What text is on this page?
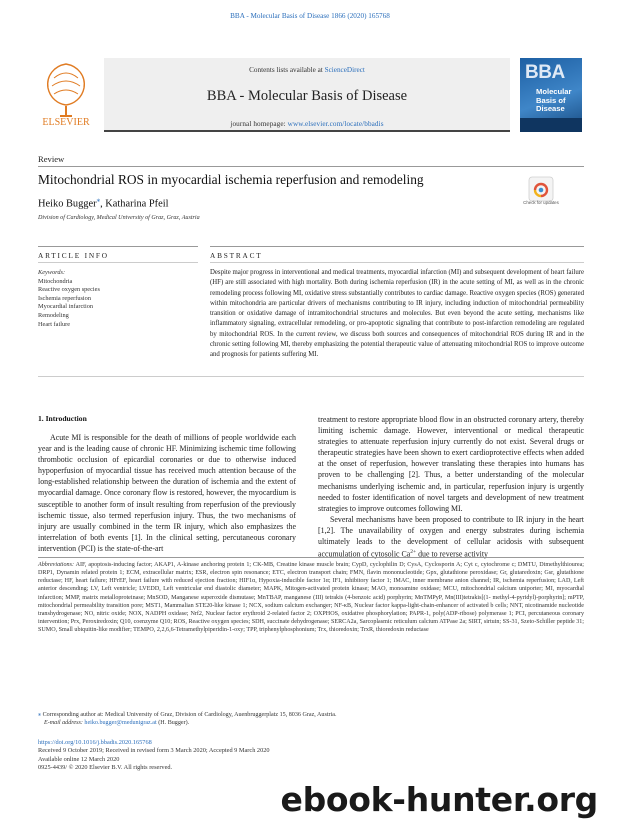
BBA - Molecular Basis of Disease 1866 (2020) 165768
ELSEVIER
Contents lists available at ScienceDirect
BBA - Molecular Basis of Disease
journal homepage: www.elsevier.com/locate/bbadis
BBA
Molecular
Basis of
Disease
Review
Mitochondrial ROS in myocardial ischemia reperfusion and remodeling
Heiko Bugger⁎, Katharina Pfeil
Division of Cardiology, Medical University of Graz, Graz, Austria
Check for updates
ARTICLE INFO	ABSTRACT
Keywords:
Mitochondria
Reactive oxygen species
Ischemia reperfusion
Myocardial infarction
Remodeling
Heart failure
Despite major progress in interventional and medical treatments, myocardial infarction (MI) and subsequent development of heart failure (HF) are still associated with high mortality. Both during ischemia reperfusion (IR) in the acute setting of MI, as well as in the chronic remodeling process following MI, oxidative stress substantially contributes to cardiac damage. Reactive oxygen species (ROS) generated within mitochondria are particular drivers of mechanisms contributing to IR injury, including induction of mitochondrial permeability transition or oxidative damage of intramitochondrial structures and molecules. But even beyond the acute setting, mechanisms like inflammatory signaling, extracellular remodeling, or pro-apoptotic signaling that contribute to post-infarction remodeling are regulated by mitochondrial ROS. In the current review, we discuss both sources and consequences of mitochondrial ROS during IR and in the chronic setting following MI, thereby emphasizing the potential therapeutic value of attenuating mitochondrial ROS to improve outcome and prognosis for patients suffering MI.
1. Introduction

Acute MI is responsible for the death of millions of people worldwide each year and is the leading cause of chronic HF. Minimizing ischemic time following thrombotic occlusion of epicardial coronaries or due to otherwise induced hypoperfusion of myocardial tissue has received much attention because of the long-established relationship between the duration of ischemia and the extent of myocardial damage. Once coronary flow is restored, however, the myocardium is susceptible to another form of insult resulting from reperfusion of the previously ischemic tissue, also termed reperfusion injury. Thus, the two mechanisms of injury are usually combined in the term IR injury, which also emphasizes the interrelation of both events [1]. In the clinical setting, percutaneous coronary intervention (PCI) is the state-of-the-art

treatment to restore appropriate blood flow in an obstructed coronary artery, thereby limiting ischemic damage. However, interventional or medical therapeutic strategies to attenuate reperfusion injury currently do not exist. Several drugs or therapeutic strategies have been shown to exert cardioprotective effects when added at the onset of reperfusion, however translating these therapies into humans has proven to be challenging [2]. Thus, a better understanding of the molecular mechanisms underlying ischemic and, in particular, reperfusion injury is urgently needed to foster identification of novel targets and development of new treatment strategies to improve outcomes following MI.

Several mechanisms have been proposed to contribute to IR injury in the heart [1,2]. The unavailability of oxygen and energy substrates during ischemia ultimately leads to the development of cellular acidosis with subsequent accumulation of cytosolic $Ca^{2+}$ due to reverse activity

Abbreviations: AIF, apoptosis-inducing factor; AKAP1, A-kinase anchoring protein 1; CK-MB, Creatine kinase muscle brain; CypD, cyclophilin D; CysA, Cyclosporin A; Cyt c, cytochrome c; DMTU, Dimethylthiourea; DRP1, Dynamin related protein 1; ECM, extracellular matrix; ESR, electron spin resonance; ETC, electron transport chain; FMN, flavin mononucleotide; Gpx, glutathione peroxidase; Gr, glutaredoxin; Gsr, glutathione reductase; HF, heart failure; HFrEF, heart failure with reduced ejection fraction; HIF1α, Hypoxia-inducible factor 1α; IF1, inhibitory factor 1; IMAC, inner membrane anion channel; IR, ischemia reperfusion; LAD, Left anterior descending; LV, Left ventricle; LVEDD, Left ventricular end diastolic diameter; MAPK, Mitogen-activated protein kinase; MAO, monoamine oxidase; MCU, mitochondrial calcium uniporter; MI, myocardial infarction; MMP, matrix metalloproteinase; MnSOD, Manganese superoxide dismutase; MnTBAP, manganese (III) tetrakis (4-benzoic acid) porphyrin; MnTMPyP, Mn(III)tetrakis[(1- methyl-4-pyridyl)-porphyrin]; mPTP, mitochondrial permeability transition pore; MST1, Mammalian STE20-like kinase 1; NCX, sodium calcium exchanger; NF-κB, Nuclear factor kappa-light-chain-enhancer of activated b cells; NNT, nicotinamide nucleotide transhydrogenase; NO, nitric oxide; NOX, NADPH oxidase; Nrf2, Nuclear factor erythroid 2-related factor 2; OXPHOS, oxidative phosphorylation; PAPR-1, poly(ADP-ribose) polymerase 1; PCI, percutaneous coronary intervention; Prx, Peroxiredoxin; Q10, coenzyme Q10; ROS, Reactive oxygen species; SDH, succinate dehydrogenase; SERCA2a, Sarcoplasmic reticulum calcium ATPase 2a; SIRT, sirtuin; SS-31, Szeto-Schiller peptide 31; SUMO, Small ubiquitin-like modifier; TEMPO, 2,2,6,6-Tetramethylpiperidin-1-oxy; TPP, triphenylphosphonium; Trx, thioredoxin; TrxR, thioredoxin reductase
⁎ Corresponding author at: Medical University of Graz, Division of Cardiology, Auenbruggerplatz 15, 8036 Graz, Austria.
E-mail address: heiko.bugger@medunigraz.at (H. Bugger).
https://doi.org/10.1016/j.bbadis.2020.165768
Received 9 October 2019; Received in revised form 3 March 2020; Accepted 9 March 2020
Available online 12 March 2020
0925-4439/ © 2020 Elsevier B.V. All rights reserved.
ebook-hunter.org
